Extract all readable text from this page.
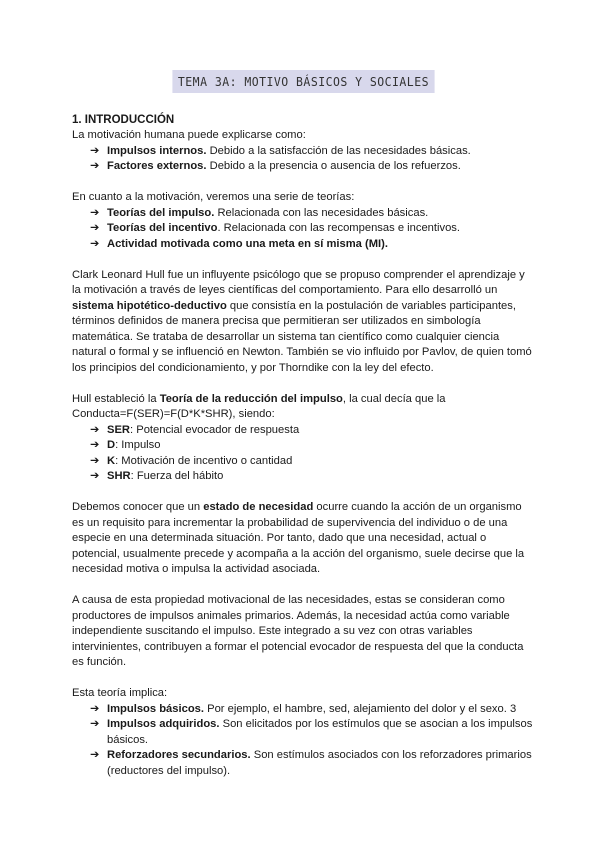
TEMA 3A: MOTIVO BÁSICOS Y SOCIALES
1. INTRODUCCIÓN

La motivación humana puede explicarse como:

➔ Impulsos internos. Debido a la satisfacción de las necesidades básicas.
➔ Factores externos. Debido a la presencia o ausencia de los refuerzos.

En cuanto a la motivación, veremos una serie de teorías:

➔ Teorías del impulso. Relacionada con las necesidades básicas.
➔ Teorías del incentivo. Relacionada con las recompensas e incentivos.
➔ Actividad motivada como una meta en sí misma (MI).

Clark Leonard Hull fue un influyente psicólogo que se propuso comprender el aprendizaje y la motivación a través de leyes científicas del comportamiento. Para ello desarrolló un sistema hipotético-deductivo que consistía en la postulación de variables participantes, términos definidos de manera precisa que permitieran ser utilizados en simbología matemática. Se trataba de desarrollar un sistema tan científico como cualquier ciencia natural o formal y se influenció en Newton. También se vio influido por Pavlov, de quien tomó los principios del condicionamiento, y por Thorndike con la ley del efecto.

Hull estableció la Teoría de la reducción del impulso, la cual decía que la Conducta=F(SER)=F(D*K*SHR), siendo:

➔ SER: Potencial evocador de respuesta
➔ D: Impulso
➔ K: Motivación de incentivo o cantidad
➔ SHR: Fuerza del hábito

Debemos conocer que un estado de necesidad ocurre cuando la acción de un organismo es un requisito para incrementar la probabilidad de supervivencia del individuo o de una especie en una determinada situación. Por tanto, dado que una necesidad, actual o potencial, usualmente precede y acompaña a la acción del organismo, suele decirse que la necesidad motiva o impulsa la actividad asociada.

A causa de esta propiedad motivacional de las necesidades, estas se consideran como productores de impulsos animales primarios. Además, la necesidad actúa como variable independiente suscitando el impulso. Este integrado a su vez con otras variables intervinientes, contribuyen a formar el potencial evocador de respuesta del que la conducta es función.

Esta teoría implica:

➔ Impulsos básicos. Por ejemplo, el hambre, sed, alejamiento del dolor y el sexo. 3
➔ Impulsos adquiridos. Son elicitados por los estímulos que se asocian a los impulsos básicos.
➔ Reforzadores secundarios. Son estímulos asociados con los reforzadores primarios (reductores del impulso).
